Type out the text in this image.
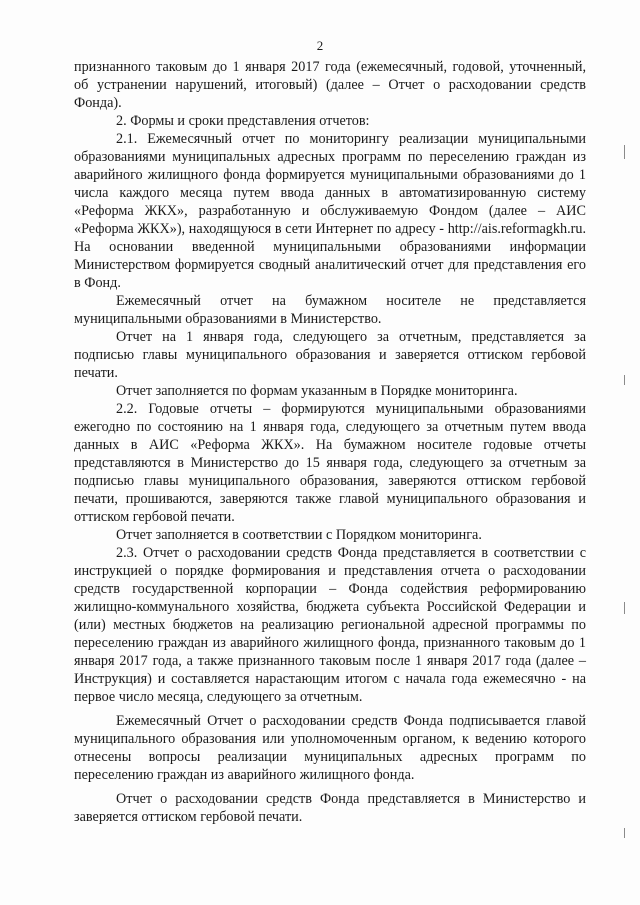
2

признанного таковым до 1 января 2017 года (ежемесячный, годовой, уточненный, об устранении нарушений, итоговый) (далее – Отчет о расходовании средств Фонда).

2. Формы и сроки представления отчетов:

2.1. Ежемесячный отчет по мониторингу реализации муниципальными образованиями муниципальных адресных программ по переселению граждан из аварийного жилищного фонда формируется муниципальными образованиями до 1 числа каждого месяца путем ввода данных в автоматизированную систему «Реформа ЖКХ», разработанную и обслуживаемую Фондом (далее – АИС «Реформа ЖКХ»), находящуюся в сети Интернет по адресу - http://ais.reformagkh.ru. На основании введенной муниципальными образованиями информации Министерством формируется сводный аналитический отчет для представления его в Фонд.

Ежемесячный отчет на бумажном носителе не представляется муниципальными образованиями в Министерство.

Отчет на 1 января года, следующего за отчетным, представляется за подписью главы муниципального образования и заверяется оттиском гербовой печати.

Отчет заполняется по формам указанным в Порядке мониторинга.

2.2. Годовые отчеты – формируются муниципальными образованиями ежегодно по состоянию на 1 января года, следующего за отчетным путем ввода данных в АИС «Реформа ЖКХ». На бумажном носителе годовые отчеты представляются в Министерство до 15 января года, следующего за отчетным за подписью главы муниципального образования, заверяются оттиском гербовой печати, прошиваются, заверяются также главой муниципального образования и оттиском гербовой печати.

Отчет заполняется в соответствии с Порядком мониторинга.

2.3. Отчет о расходовании средств Фонда представляется в соответствии с инструкцией о порядке формирования и представления отчета о расходовании средств государственной корпорации – Фонда содействия реформированию жилищно-коммунального хозяйства, бюджета субъекта Российской Федерации и (или) местных бюджетов на реализацию региональной адресной программы по переселению граждан из аварийного жилищного фонда, признанного таковым до 1 января 2017 года, а также признанного таковым после 1 января 2017 года (далее – Инструкция) и составляется нарастающим итогом с начала года ежемесячно - на первое число месяца, следующего за отчетным.

Ежемесячный Отчет о расходовании средств Фонда подписывается главой муниципального образования или уполномоченным органом, к ведению которого отнесены вопросы реализации муниципальных адресных программ по переселению граждан из аварийного жилищного фонда.

Отчет о расходовании средств Фонда представляется в Министерство и заверяется оттиском гербовой печати.
